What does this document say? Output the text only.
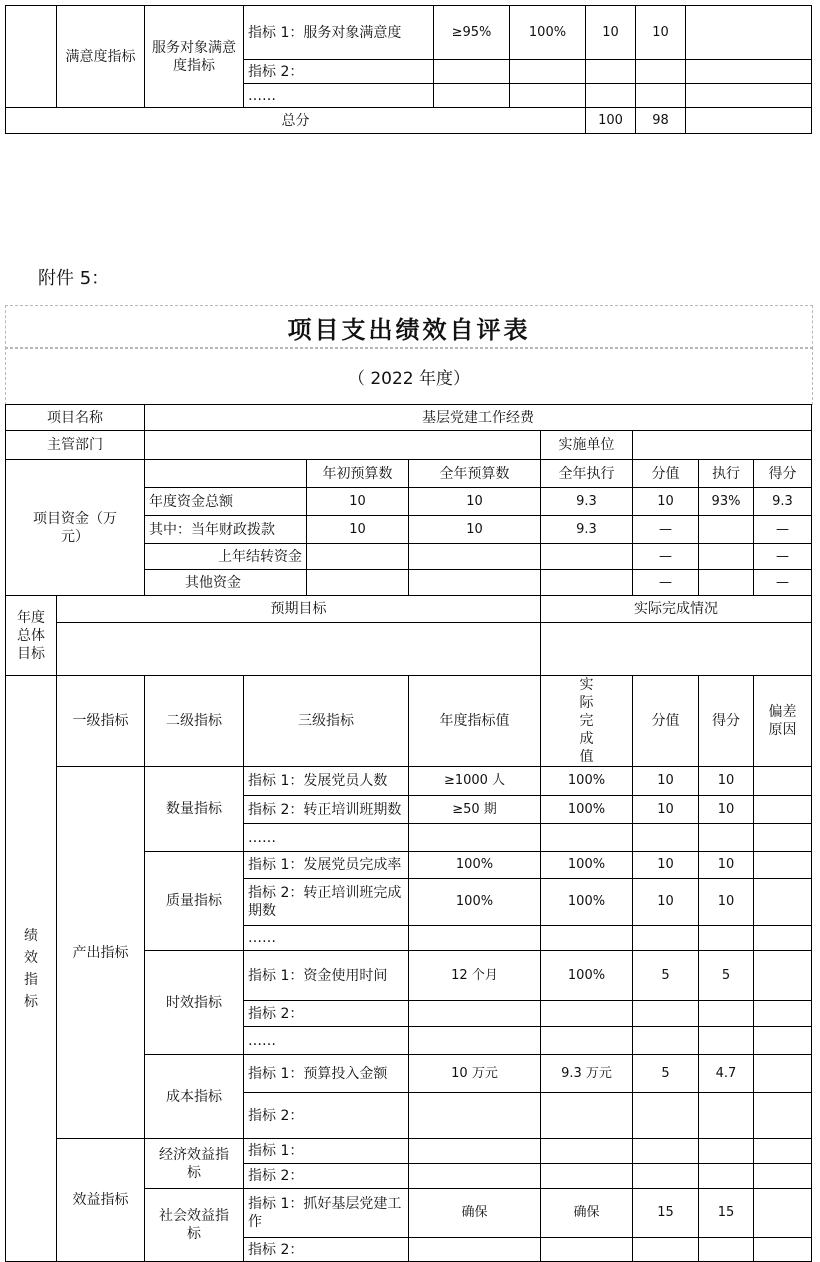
	满意度指标	服务对象满意度指标	指标 1：服务对象满意度	≥95%	100%	10	10	
			指标 2：					
			……					
总分						100	98	
附件 5：
项目支出绩效自评表
（ 2022 年度）
项目名称		基层党建工作经费							
主管部门						实施单位			
项目资金（万元）				年初预算数	全年预算数	全年执行	分值	执行	得分
		年度资金总额		10	10	9.3	10	93%	9.3
		其中：当年财政拨款		10	10	9.3	—		—
		上年结转资金					—		—
		其他资金					—		—
年度总体目标	预期目标					实际完成情况			

绩效指标	一级指标	二级指标	三级指标		年度指标值	实际完成值	分值	得分	偏差原因
	产出指标	数量指标	指标 1：发展党员人数		≥1000 人	100%	10	10	
			指标 2：转正培训班期数		≥50 期	100%	10	10	
			……						
		质量指标	指标 1：发展党员完成率		100%	100%	10	10	
			指标 2：转正培训班完成期数		100%	100%	10	10	
			……						
		时效指标	指标 1：资金使用时间		12 个月	100%	5	5	
			指标 2：						
			……						
		成本指标	指标 1：预算投入金额		10 万元	9.3 万元	5	4.7	
			指标 2：						
	效益指标	经济效益指标	指标 1：						
			指标 2：						
		社会效益指标	指标 1：抓好基层党建工作		确保	确保	15	15	
			指标 2：						
